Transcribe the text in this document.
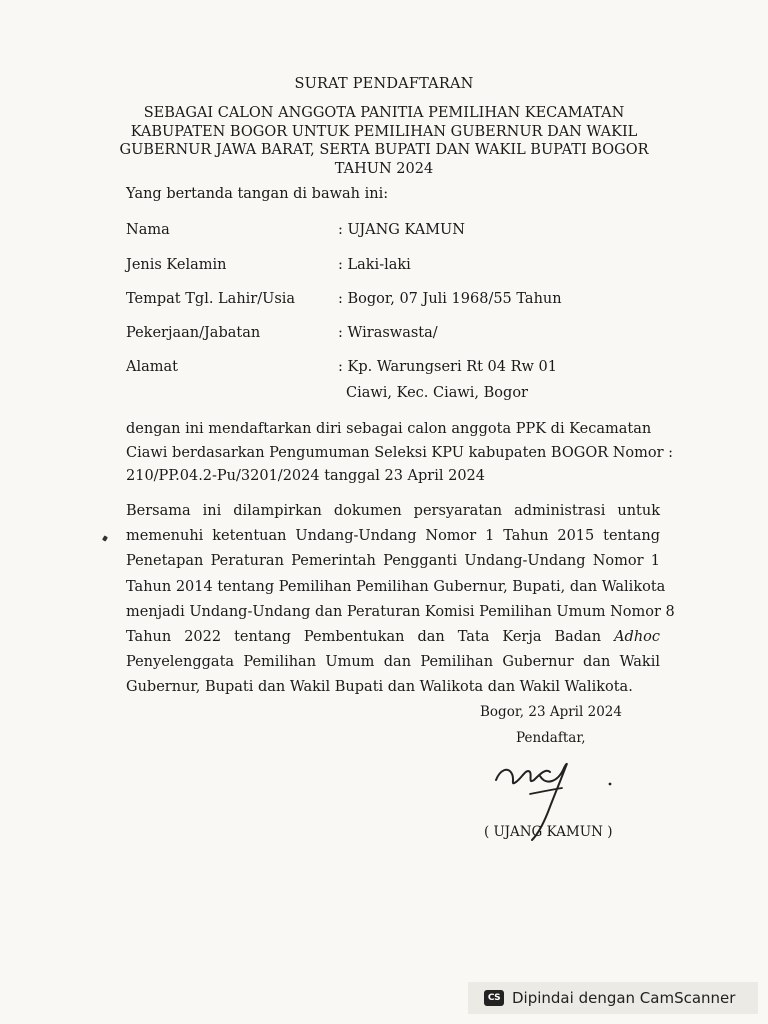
SURAT PENDAFTARAN
SEBAGAI CALON ANGGOTA PANITIA PEMILIHAN KECAMATAN
KABUPATEN BOGOR UNTUK PEMILIHAN GUBERNUR DAN WAKIL
GUBERNUR JAWA BARAT, SERTA BUPATI DAN WAKIL BUPATI BOGOR
TAHUN 2024
Yang bertanda tangan di bawah ini:
Nama	: UJANG KAMUN
Jenis Kelamin	: Laki-laki
Tempat Tgl. Lahir/Usia	: Bogor, 07 Juli 1968/55 Tahun
Pekerjaan/Jabatan	: Wiraswasta/
Alamat	: Kp. Warungseri Rt 04 Rw 01
Ciawi, Kec. Ciawi, Bogor
dengan ini mendaftarkan diri sebagai calon anggota PPK di Kecamatan
Ciawi berdasarkan Pengumuman Seleksi KPU kabupaten BOGOR Nomor :
210/PP.04.2-Pu/3201/2024 tanggal 23 April 2024
Bersama ini dilampirkan dokumen persyaratan administrasi untuk
memenuhi ketentuan Undang-Undang Nomor 1 Tahun 2015 tentang
Penetapan Peraturan Pemerintah Pengganti Undang-Undang Nomor 1
Tahun 2014 tentang Pemilihan Pemilihan Gubernur, Bupati, dan Walikota
menjadi Undang-Undang dan Peraturan Komisi Pemilihan Umum Nomor 8
Tahun 2022 tentang Pembentukan dan Tata Kerja Badan Adhoc
Penyelenggata Pemilihan Umum dan Pemilihan Gubernur dan Wakil
Gubernur, Bupati dan Wakil Bupati dan Walikota dan Wakil Walikota.
Bogor, 23 April 2024
Pendaftar,
( UJANG KAMUN )
CS Dipindai dengan CamScanner
